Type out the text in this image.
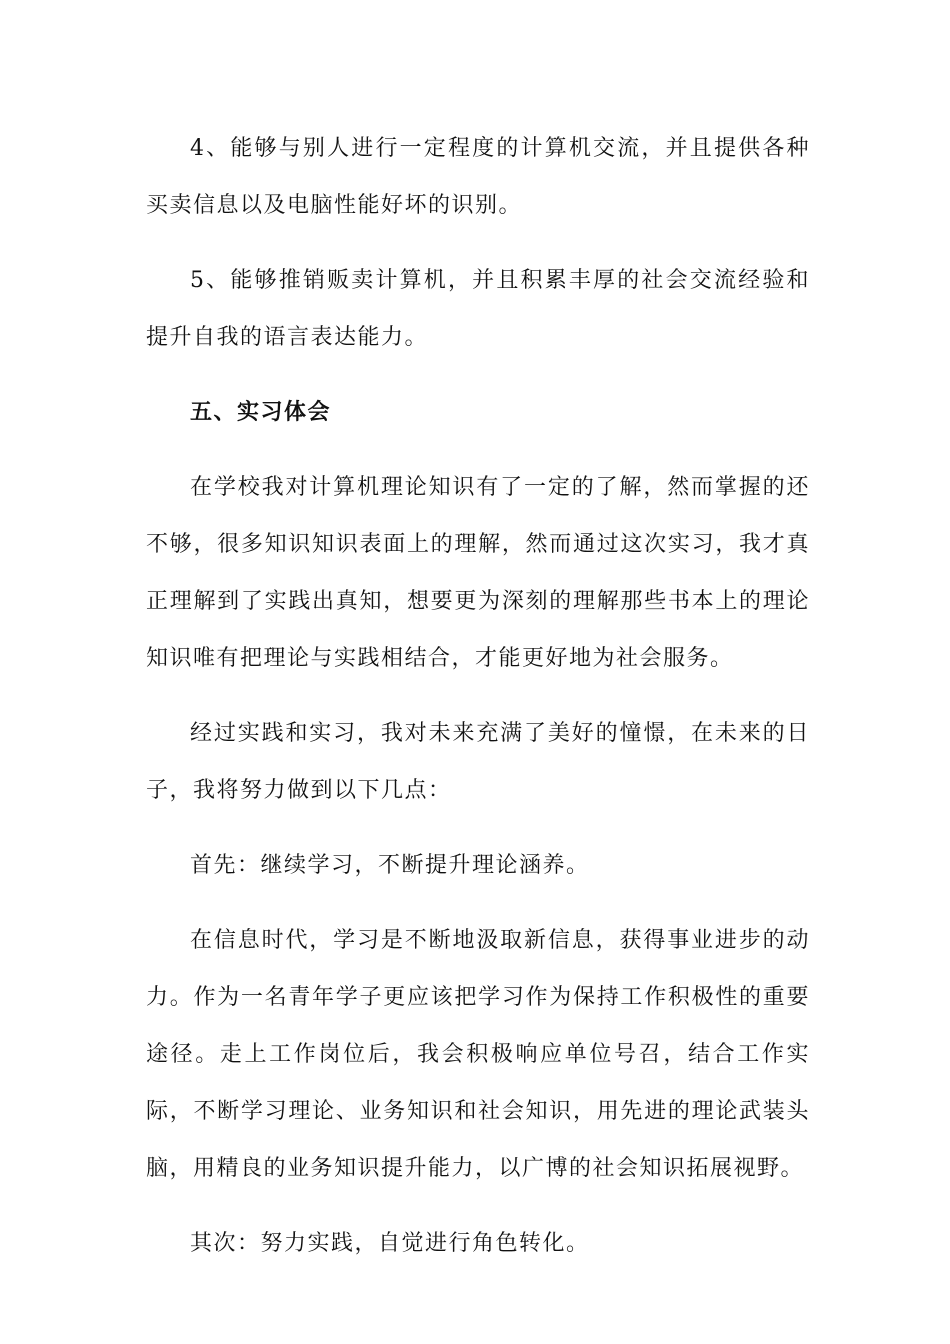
4、能够与别人进行一定程度的计算机交流，并且提供各种买卖信息以及电脑性能好坏的识别。

5、能够推销贩卖计算机，并且积累丰厚的社会交流经验和提升自我的语言表达能力。

五、实习体会

在学校我对计算机理论知识有了一定的了解，然而掌握的还不够，很多知识知识表面上的理解，然而通过这次实习，我才真正理解到了实践出真知，想要更为深刻的理解那些书本上的理论知识唯有把理论与实践相结合，才能更好地为社会服务。

经过实践和实习，我对未来充满了美好的憧憬，在未来的日子，我将努力做到以下几点：

首先：继续学习，不断提升理论涵养。

在信息时代，学习是不断地汲取新信息，获得事业进步的动力。作为一名青年学子更应该把学习作为保持工作积极性的重要途径。走上工作岗位后，我会积极响应单位号召，结合工作实际，不断学习理论、业务知识和社会知识，用先进的理论武装头脑，用精良的业务知识提升能力，以广博的社会知识拓展视野。

其次：努力实践，自觉进行角色转化。
